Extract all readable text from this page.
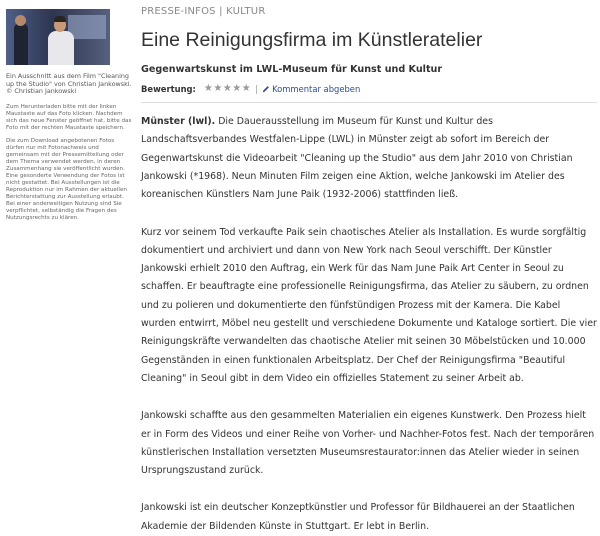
Ein Ausschnitt aus dem Film "Cleaning up the Studio" von Christian Jankowski. © Christian Jankowski
Zum Herunterladen bitte mit der linken Maustaste auf das Foto klicken. Nachdem sich das neue Fenster geöffnet hat, bitte das Foto mit der rechten Maustaste speichern.
Die zum Download angebotenen Fotos dürfen nur mit Fotonachweis und gemeinsam mit der Pressemitteilung oder dem Thema verwendet werden, in deren Zusammenhang sie veröffentlicht wurden. Eine gesonderte Verwendung der Fotos ist nicht gestattet. Bei Ausstellungen ist die Reproduktion nur im Rahmen der aktuellen Berichterstattung zur Ausstellung erlaubt. Bei einer anderweitigen Nutzung sind Sie verpflichtet, selbständig die Fragen des Nutzungsrechts zu klären.
PRESSE-INFOS | KULTUR
Eine Reinigungsfirma im Künstleratelier
Gegenwartskunst im LWL-Museum für Kunst und Kultur
Bewertung: ★ ★ ★ ★ ★ | Kommentar abgeben

Münster (lwl). Die Dauerausstellung im Museum für Kunst und Kultur des Landschaftsverbandes Westfalen-Lippe (LWL) in Münster zeigt ab sofort im Bereich der Gegenwartskunst die Videoarbeit "Cleaning up the Studio" aus dem Jahr 2010 von Christian Jankowski (*1968). Neun Minuten Film zeigen eine Aktion, welche Jankowski im Atelier des koreanischen Künstlers Nam June Paik (1932-2006) stattfinden ließ.

Kurz vor seinem Tod verkaufte Paik sein chaotisches Atelier als Installation. Es wurde sorgfältig dokumentiert und archiviert und dann von New York nach Seoul verschifft. Der Künstler Jankowski erhielt 2010 den Auftrag, ein Werk für das Nam June Paik Art Center in Seoul zu schaffen. Er beauftragte eine professionelle Reinigungsfirma, das Atelier zu säubern, zu ordnen und zu polieren und dokumentierte den fünfstündigen Prozess mit der Kamera. Die Kabel wurden entwirrt, Möbel neu gestellt und verschiedene Dokumente und Kataloge sortiert. Die vier Reinigungskräfte verwandelten das chaotische Atelier mit seinen 30 Möbelstücken und 10.000 Gegenständen in einen funktionalen Arbeitsplatz. Der Chef der Reinigungsfirma "Beautiful Cleaning" in Seoul gibt in dem Video ein offizielles Statement zu seiner Arbeit ab.

Jankowski schaffte aus den gesammelten Materialien ein eigenes Kunstwerk. Den Prozess hielt er in Form des Videos und einer Reihe von Vorher- und Nachher-Fotos fest. Nach der temporären künstlerischen Installation versetzten Museumsrestaurator:innen das Atelier wieder in seinen Ursprungszustand zurück.

Jankowski ist ein deutscher Konzeptkünstler und Professor für Bildhauerei an der Staatlichen Akademie der Bildenden Künste in Stuttgart. Er lebt in Berlin.
